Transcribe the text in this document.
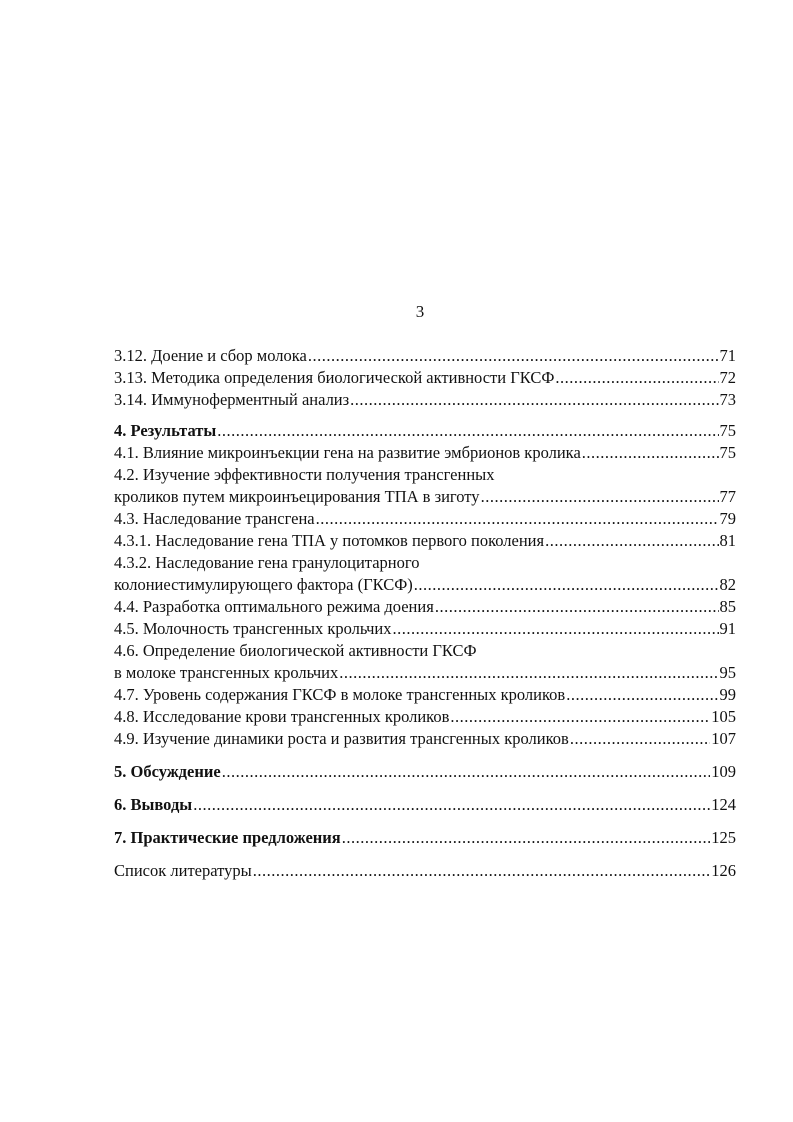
3
3.12. Доение и сбор молока .....	71
3.13. Методика определения биологической активности ГКСФ .....	72
3.14. Иммуноферментный анализ .....	73
4. Результаты .....	75
4.1. Влияние микроинъекции гена на развитие эмбрионов кролика .....	75
4.2. Изучение эффективности получения трансгенных
кроликов путем микроинъецирования ТПА в зиготу .....	77
4.3. Наследование трансгена .....	79
4.3.1. Наследование гена ТПА у потомков первого поколения .....	81
4.3.2. Наследование гена гранулоцитарного
колониестимулирующего фактора (ГКСФ) .....	82
4.4. Разработка оптимального режима доения .....	85
4.5. Молочность трансгенных крольчих .....	91
4.6. Определение биологической активности ГКСФ
в молоке трансгенных крольчих .....	95
4.7. Уровень содержания ГКСФ в молоке трансгенных кроликов .....	99
4.8. Исследование крови трансгенных кроликов .....	105
4.9. Изучение динамики роста и развития трансгенных кроликов .....	107
5. Обсуждение .....	109
6. Выводы .....	124
7. Практические предложения .....	125
Список литературы .....	126
